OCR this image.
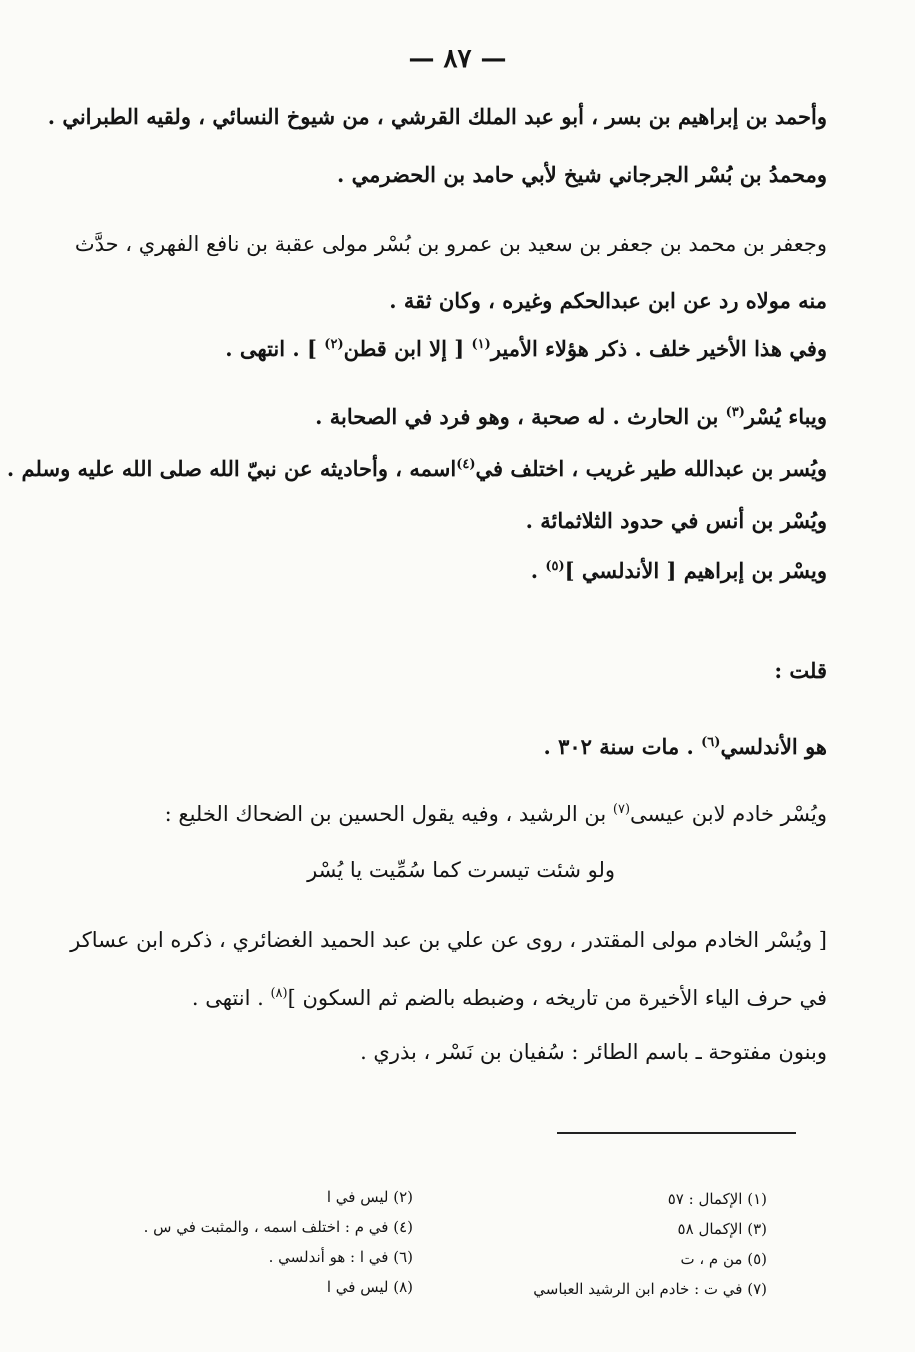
— ٨٧ —
وأحمد بن إبراهيم بن بسر ، أبو عبد الملك القرشي ، من شيوخ النسائي ، ولقيه الطبراني .
ومحمدُ بن بُسْر الجرجاني شيخ لأبي حامد بن الحضرمي .
وجعفر بن محمد بن جعفر بن سعيد بن عمرو بن بُسْر مولى عقبة بن نافع الفهري ، حدَّث
منه مولاه رد عن ابن عبدالحكم وغيره ، وكان ثقة .
وفي هذا الأخير خلف . ذكر هؤلاء الأمير$^{(١)}$ [ إلا ابن قطن$^{(٢)}$ ] . انتهى .
ويباء يُسْر$^{(٣)}$ بن الحارث . له صحبة ، وهو فرد في الصحابة .
ويُسر بن عبدالله طير غريب ، اختلف في$^{(٤)}$اسمه ، وأحاديثه عن نبيّ الله صلى الله عليه وسلم .
ويُسْر بن أنس في حدود الثلاثمائة .
ويسْر بن إبراهيم [ الأندلسي ]$^{(٥)}$ .
قلت :
هو الأندلسي$^{(٦)}$ . مات سنة ٣٠٢ .
ويُسْر خادم لابن عيسى$^{(٧)}$ بن الرشيد ، وفيه يقول الحسين بن الضحاك الخليع :
ولو شئت تيسرت كما سُمِّيت يا يُسْر
[ ويُسْر الخادم مولى المقتدر ، روى عن علي بن عبد الحميد الغضائري ، ذكره ابن عساكر
في حرف الياء الأخيرة من تاريخه ، وضبطه بالضم ثم السكون ]$^{(٨)}$ . انتهى .
وبنون مفتوحة ـ باسم الطائر : سُفيان بن نَسْر ، بذري .
(١) الإكمال : ٥٧
(٢) ليس في ا
(٣) الإكمال ٥٨
(٤) في م : اختلف اسمه ، والمثبت في س .
(٥) من م ، ت
(٦) في ا : هو أندلسي .
(٧) في ت : خادم ابن الرشيد العباسي
(٨) ليس في ا
